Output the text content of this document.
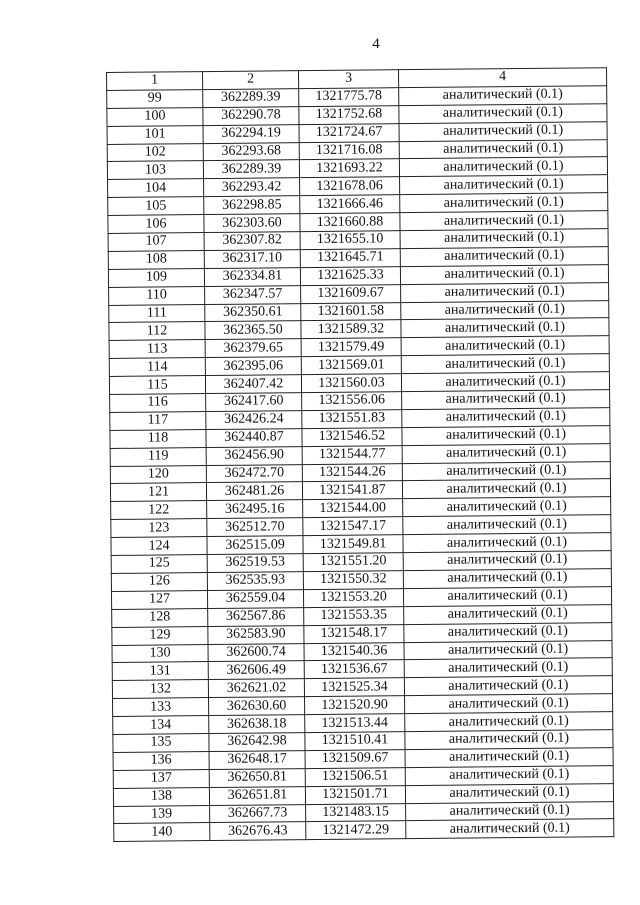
4
1	2	3	4
99	362289.39	1321775.78	аналитический (0.1)
100	362290.78	1321752.68	аналитический (0.1)
101	362294.19	1321724.67	аналитический (0.1)
102	362293.68	1321716.08	аналитический (0.1)
103	362289.39	1321693.22	аналитический (0.1)
104	362293.42	1321678.06	аналитический (0.1)
105	362298.85	1321666.46	аналитический (0.1)
106	362303.60	1321660.88	аналитический (0.1)
107	362307.82	1321655.10	аналитический (0.1)
108	362317.10	1321645.71	аналитический (0.1)
109	362334.81	1321625.33	аналитический (0.1)
110	362347.57	1321609.67	аналитический (0.1)
111	362350.61	1321601.58	аналитический (0.1)
112	362365.50	1321589.32	аналитический (0.1)
113	362379.65	1321579.49	аналитический (0.1)
114	362395.06	1321569.01	аналитический (0.1)
115	362407.42	1321560.03	аналитический (0.1)
116	362417.60	1321556.06	аналитический (0.1)
117	362426.24	1321551.83	аналитический (0.1)
118	362440.87	1321546.52	аналитический (0.1)
119	362456.90	1321544.77	аналитический (0.1)
120	362472.70	1321544.26	аналитический (0.1)
121	362481.26	1321541.87	аналитический (0.1)
122	362495.16	1321544.00	аналитический (0.1)
123	362512.70	1321547.17	аналитический (0.1)
124	362515.09	1321549.81	аналитический (0.1)
125	362519.53	1321551.20	аналитический (0.1)
126	362535.93	1321550.32	аналитический (0.1)
127	362559.04	1321553.20	аналитический (0.1)
128	362567.86	1321553.35	аналитический (0.1)
129	362583.90	1321548.17	аналитический (0.1)
130	362600.74	1321540.36	аналитический (0.1)
131	362606.49	1321536.67	аналитический (0.1)
132	362621.02	1321525.34	аналитический (0.1)
133	362630.60	1321520.90	аналитический (0.1)
134	362638.18	1321513.44	аналитический (0.1)
135	362642.98	1321510.41	аналитический (0.1)
136	362648.17	1321509.67	аналитический (0.1)
137	362650.81	1321506.51	аналитический (0.1)
138	362651.81	1321501.71	аналитический (0.1)
139	362667.73	1321483.15	аналитический (0.1)
140	362676.43	1321472.29	аналитический (0.1)
